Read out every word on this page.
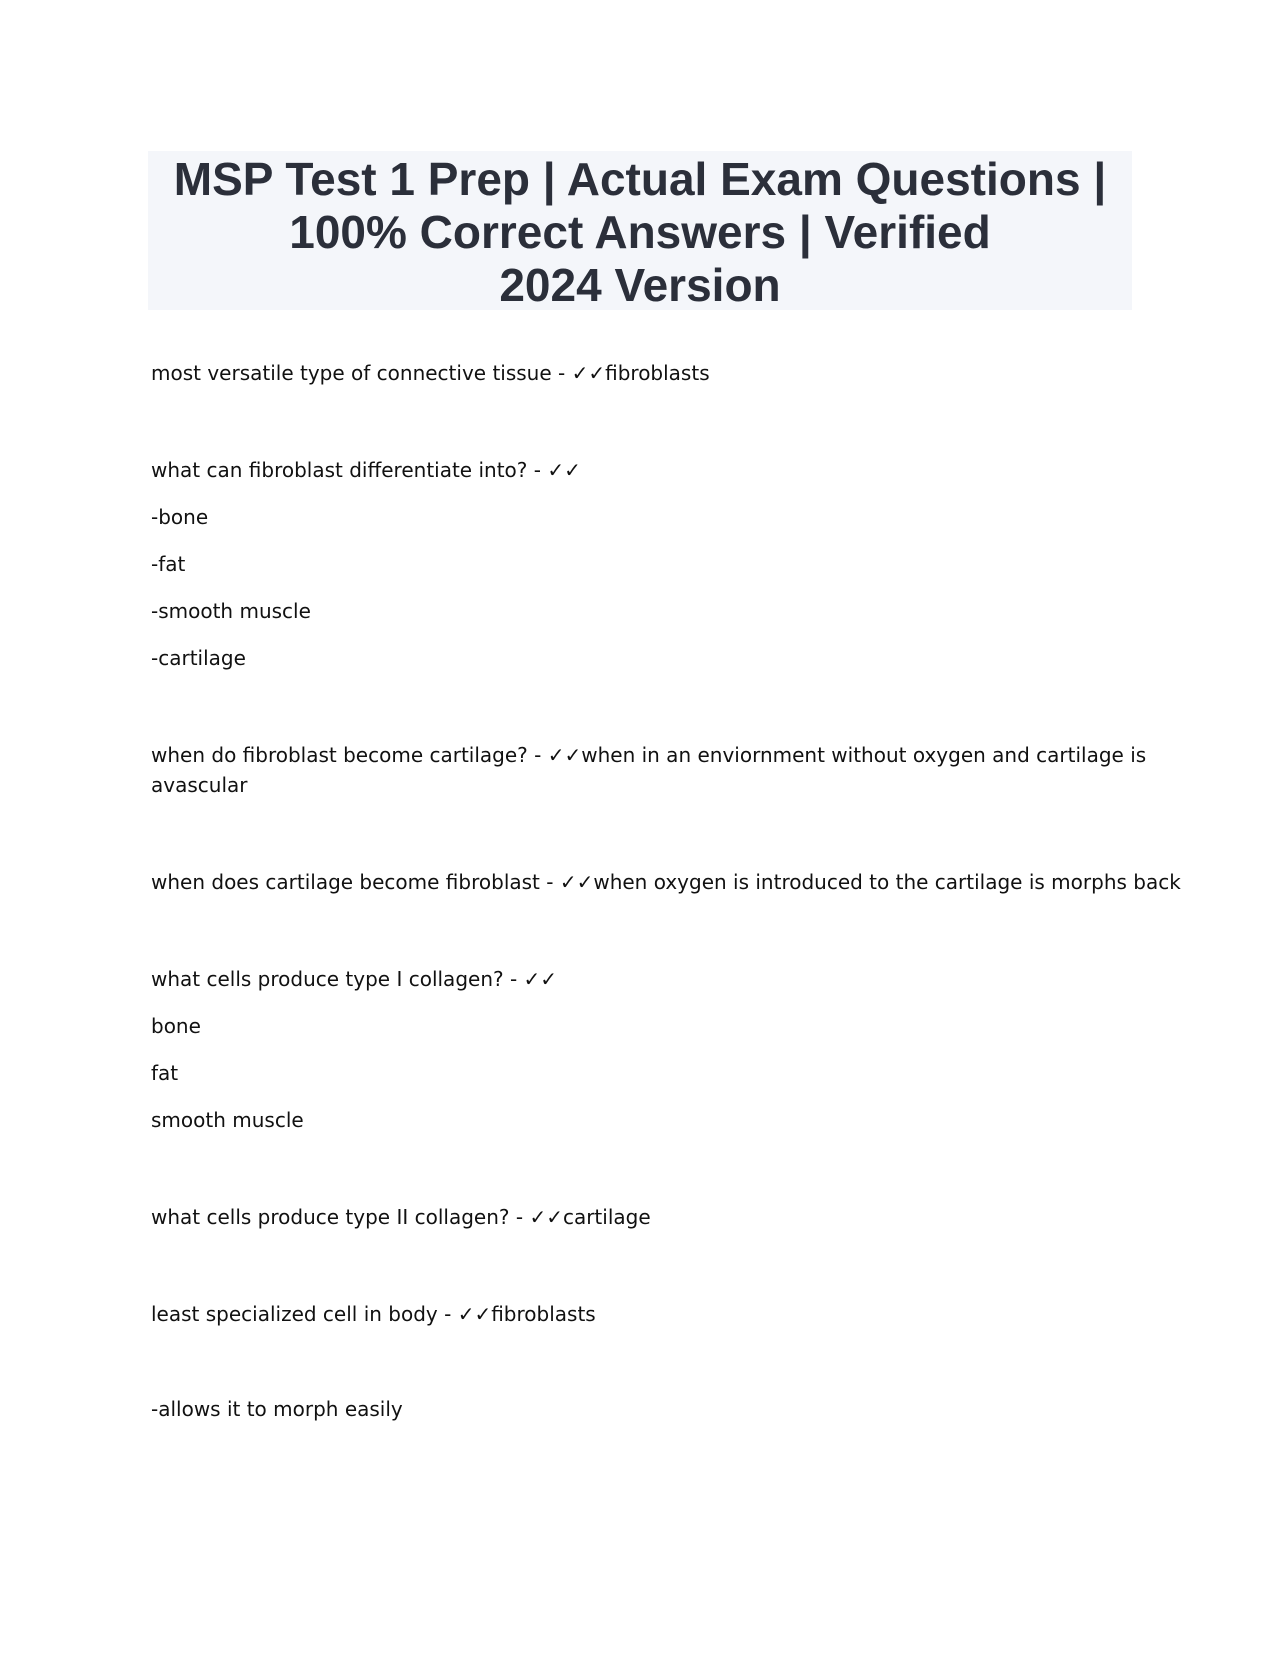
MSP Test 1 Prep | Actual Exam Questions |
100% Correct Answers | Verified
2024 Version
most versatile type of connective tissue - ✓✓fibroblasts
what can fibroblast differentiate into? - ✓✓
-bone
-fat
-smooth muscle
-cartilage
when do fibroblast become cartilage? - ✓✓when in an enviornment without oxygen and cartilage is
avascular
when does cartilage become fibroblast - ✓✓when oxygen is introduced to the cartilage is morphs back
what cells produce type I collagen? - ✓✓
bone
fat
smooth muscle
what cells produce type II collagen? - ✓✓cartilage
least specialized cell in body - ✓✓fibroblasts
-allows it to morph easily
